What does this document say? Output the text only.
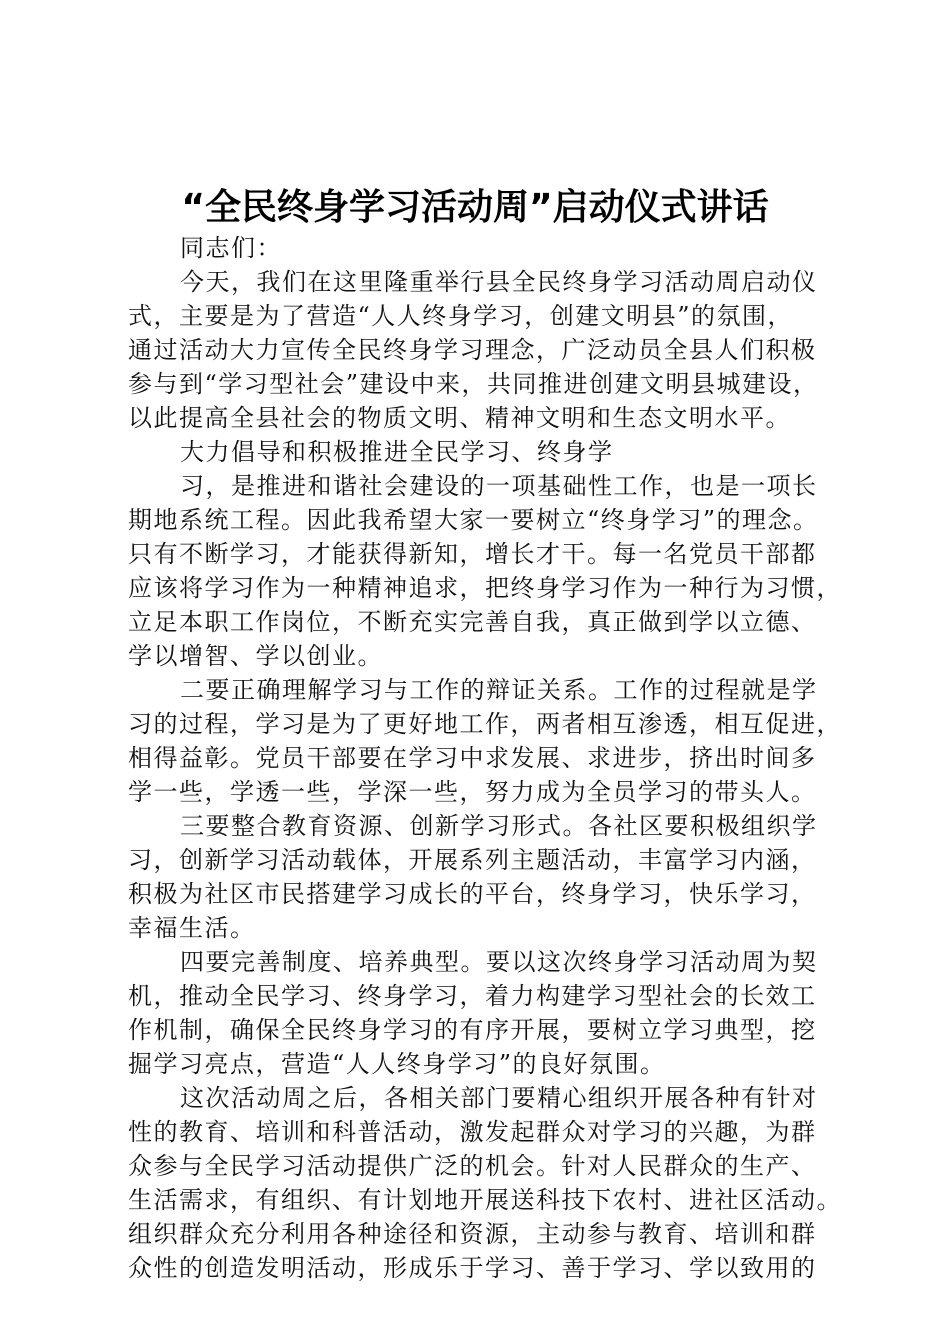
“全民终身学习活动周”启动仪式讲话
同志们：
今天，我们在这里隆重举行县全民终身学习活动周启动仪
式，主要是为了营造“人人终身学习，创建文明县”的氛围，
通过活动大力宣传全民终身学习理念，广泛动员全县人们积极
参与到“学习型社会”建设中来，共同推进创建文明县城建设，
以此提高全县社会的物质文明、精神文明和生态文明水平。
大力倡导和积极推进全民学习、终身学
习，是推进和谐社会建设的一项基础性工作，也是一项长
期地系统工程。因此我希望大家一要树立“终身学习”的理念。
只有不断学习，才能获得新知，增长才干。每一名党员干部都
应该将学习作为一种精神追求，把终身学习作为一种行为习惯，
立足本职工作岗位，不断充实完善自我，真正做到学以立德、
学以增智、学以创业。
二要正确理解学习与工作的辩证关系。工作的过程就是学
习的过程，学习是为了更好地工作，两者相互渗透，相互促进，
相得益彰。党员干部要在学习中求发展、求进步，挤出时间多
学一些，学透一些，学深一些，努力成为全员学习的带头人。
三要整合教育资源、创新学习形式。各社区要积极组织学
习，创新学习活动载体，开展系列主题活动，丰富学习内涵，
积极为社区市民搭建学习成长的平台，终身学习，快乐学习，
幸福生活。
四要完善制度、培养典型。要以这次终身学习活动周为契
机，推动全民学习、终身学习，着力构建学习型社会的长效工
作机制，确保全民终身学习的有序开展，要树立学习典型，挖
掘学习亮点，营造“人人终身学习”的良好氛围。
这次活动周之后，各相关部门要精心组织开展各种有针对
性的教育、培训和科普活动，激发起群众对学习的兴趣，为群
众参与全民学习活动提供广泛的机会。针对人民群众的生产、
生活需求，有组织、有计划地开展送科技下农村、进社区活动。
组织群众充分利用各种途径和资源，主动参与教育、培训和群
众性的创造发明活动，形成乐于学习、善于学习、学以致用的
